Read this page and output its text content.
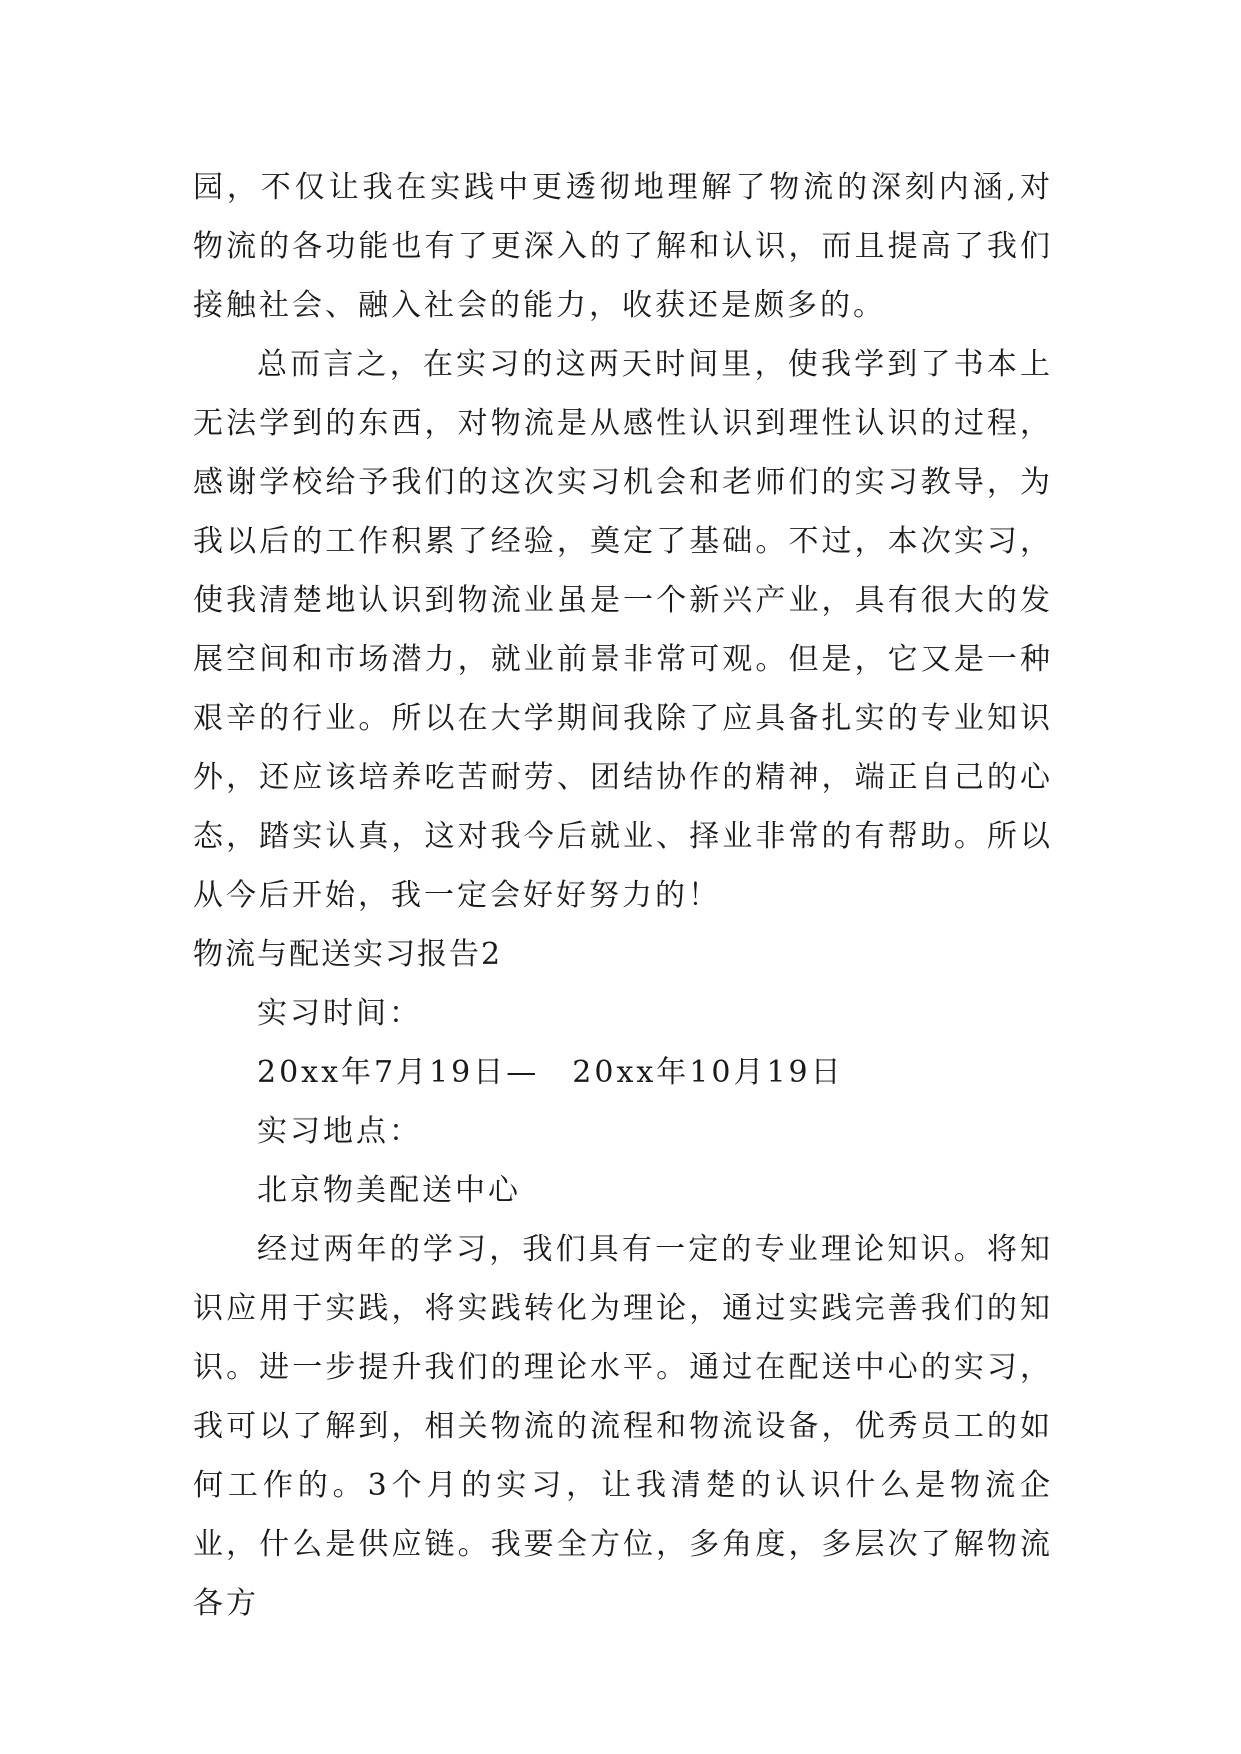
园，不仅让我在实践中更透彻地理解了物流的深刻内涵,对物流的各功能也有了更深入的了解和认识，而且提高了我们接触社会、融入社会的能力，收获还是颇多的。

总而言之，在实习的这两天时间里，使我学到了书本上无法学到的东西，对物流是从感性认识到理性认识的过程，感谢学校给予我们的这次实习机会和老师们的实习教导，为我以后的工作积累了经验，奠定了基础。不过，本次实习，使我清楚地认识到物流业虽是一个新兴产业，具有很大的发展空间和市场潜力，就业前景非常可观。但是，它又是一种艰辛的行业。所以在大学期间我除了应具备扎实的专业知识外，还应该培养吃苦耐劳、团结协作的精神，端正自己的心态，踏实认真，这对我今后就业、择业非常的有帮助。所以从今后开始，我一定会好好努力的！

物流与配送实习报告2

实习时间：

20xx年7月19日—　20xx年10月19日

实习地点：

北京物美配送中心

经过两年的学习，我们具有一定的专业理论知识。将知识应用于实践，将实践转化为理论，通过实践完善我们的知识。进一步提升我们的理论水平。通过在配送中心的实习，我可以了解到，相关物流的流程和物流设备，优秀员工的如何工作的。3个月的实习，让我清楚的认识什么是物流企业，什么是供应链。我要全方位，多角度，多层次了解物流各方
